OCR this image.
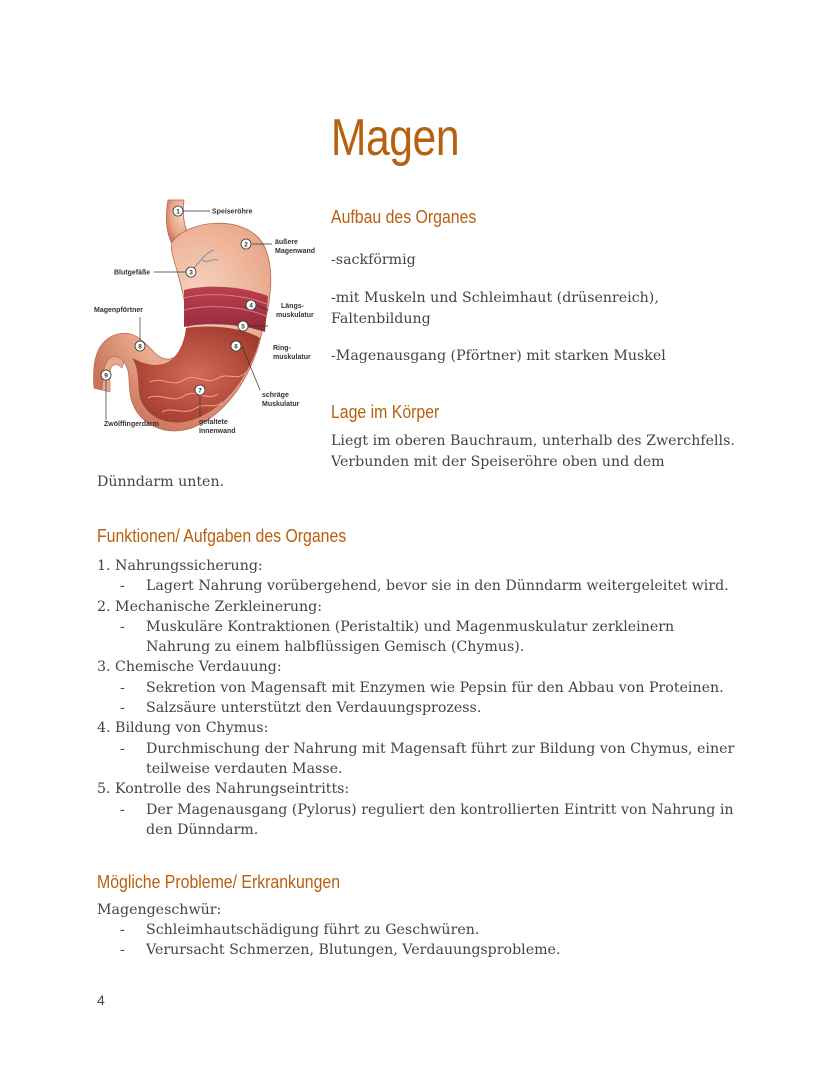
Magen
1
2
3
4
5
6
7
8
9
Speiseröhre
äußere
Magenwand
Blutgefäße
Längs-
muskulatur
Ring-
muskulatur
schräge
Muskulatur
gefaltete
Innenwand
Magenpförtner
Zwölffingerdarm
Aufbau des Organes
-sackförmig
-mit Muskeln und Schleimhaut (drüsenreich), Faltenbildung
-Magenausgang (Pförtner) mit starken Muskel
Lage im Körper
Liegt im oberen Bauchraum, unterhalb des Zwerchfells.
Verbunden mit der Speiseröhre oben und dem
Dünndarm unten.
Funktionen/ Aufgaben des Organes
1. Nahrungssicherung:
- Lagert Nahrung vorübergehend, bevor sie in den Dünndarm weitergeleitet wird.
2. Mechanische Zerkleinerung:
- Muskuläre Kontraktionen (Peristaltik) und Magenmuskulatur zerkleinern Nahrung zu einem halbflüssigen Gemisch (Chymus).
3. Chemische Verdauung:
- Sekretion von Magensaft mit Enzymen wie Pepsin für den Abbau von Proteinen.
- Salzsäure unterstützt den Verdauungsprozess.
4. Bildung von Chymus:
- Durchmischung der Nahrung mit Magensaft führt zur Bildung von Chymus, einer teilweise verdauten Masse.
5. Kontrolle des Nahrungseintritts:
- Der Magenausgang (Pylorus) reguliert den kontrollierten Eintritt von Nahrung in den Dünndarm.
Mögliche Probleme/ Erkrankungen
Magengeschwür:
- Schleimhautschädigung führt zu Geschwüren.
- Verursacht Schmerzen, Blutungen, Verdauungsprobleme.
4
